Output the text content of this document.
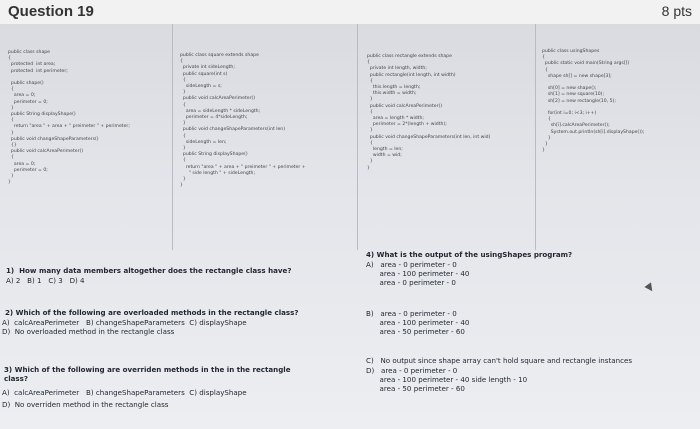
Question 19	8 pts
public class shape
{
protected  int area;
protected  int perimeter;

public shape()
{
area = 0;
perimeter = 0;
}
public String displayShape()
{
return "area " + area + " preimeter " + perimeter;
}
public void changeShapeParameters()
{}
public void calcAreaPerimeter()
{
area = 0;
perimeter = 0;
}
}
public class square extends shape
{
private int sideLength;
public square(int s)
{
sideLength = s;
}
public void calcAreaPerimeter()
{
area = sideLength * sideLength;
perimeter = 4*sideLength;
}
public void changeShapeParameters(int len)
{
sideLength = len;
}
public String displayShape()
{
return "area " + area + " preimeter " + perimeter +
" side length " + sideLength;
}
}
public class rectangle extends shape
{
private int length, width;
public rectangle(int length, int width)
{
this.length = length;
this.width = width;
}
public void calcAreaPerimeter()
{
area = length * width;
perimeter = 2*(length + width);
}
public void changeShapeParameters(int len, int wid)
{
length = len;
width = wid;
}
}
public class usingShapes
{
public static void main(String args[])
{
shape sh[] = new shape[3];

sh[0] = new shape();
sh[1] = new square(10);
sh[2] = new rectangle(10, 5);

for(int i=0; i<3; i++)
{
sh[i].calcAreaPerimeter();
System.out.println(sh[i].displayShape());
}
}
}
1)  How many data members altogether does the rectangle class have?
A) 2   B) 1   C) 3   D) 4
2) Which of the following are overloaded methods in the rectangle class?
A)  calcAreaPerimeter   B) changeShapeParameters  C) displayShape
D)  No overloaded method in the rectangle class
3) Which of the following are overriden methods in the in the rectangle
class?
A)  calcAreaPerimeter   B) changeShapeParameters  C) displayShape
D)  No overriden method in the rectangle class
4) What is the output of the usingShapes program?
A)   area - 0 perimeter - 0
area - 100 perimeter - 40
area - 0 perimeter - 0
B)   area - 0 perimeter - 0
area - 100 perimeter - 40
area - 50 perimeter - 60
C)   No output since shape array can't hold square and rectangle instances
D)   area - 0 perimeter - 0
area - 100 perimeter - 40 side length - 10
area - 50 perimeter - 60
